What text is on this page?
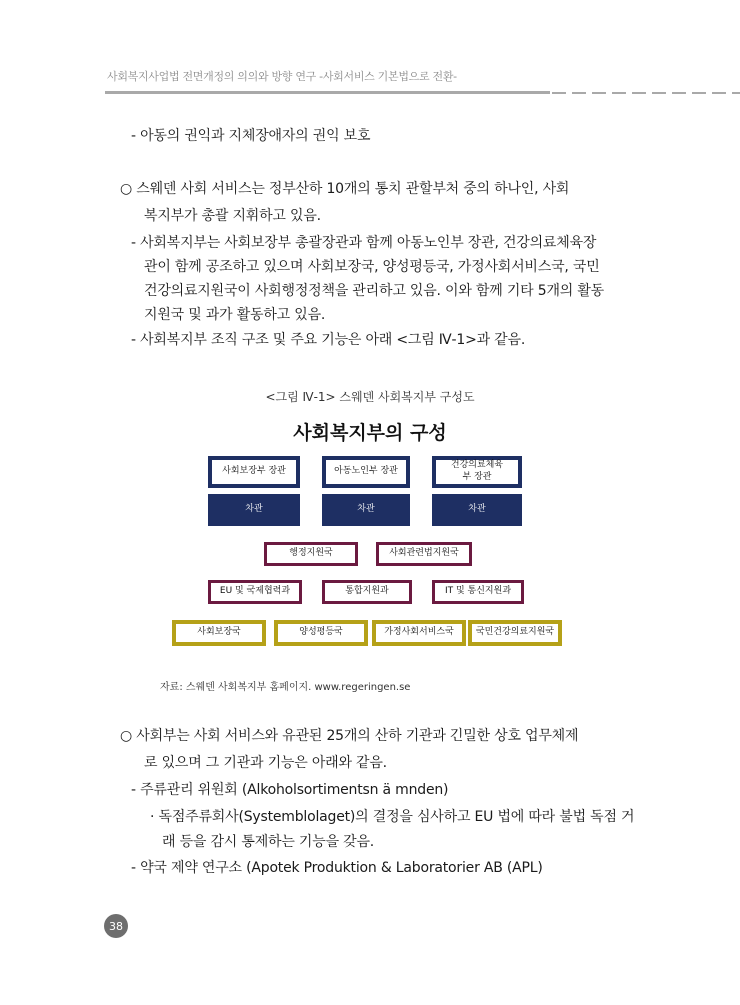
사회복지사업법 전면개정의 의의와 방향 연구 -사회서비스 기본법으로 전환-
- 아동의 권익과 지체장애자의 권익 보호
○ 스웨덴 사회 서비스는 정부산하 10개의 통치 관할부처 중의 하나인, 사회
복지부가 총괄 지휘하고 있음.
- 사회복지부는 사회보장부 총괄장관과 함께 아동노인부 장관, 건강의료체육장
관이 함께 공조하고 있으며 사회보장국, 양성평등국, 가정사회서비스국, 국민
건강의료지원국이 사회행정정책을 관리하고 있음. 이와 함께 기타 5개의 활동
지원국 및 과가 활동하고 있음.
- 사회복지부 조직 구조 및 주요 기능은 아래 <그림 Ⅳ-1>과 같음.
<그림 Ⅳ-1> 스웨덴 사회복지부 구성도
사회복지부의 구성
사회보장부 장관	아동노인부 장관
건강의료체육부 장관
차관	차관	차관
행정지원국	사회관련법지원국
EU 및 국제협력과	통합지원과	IT 및 통신지원과
사회보장국	양성평등국	가정사회서비스국	국민건강의료지원국
자료: 스웨덴 사회복지부 홈페이지. www.regeringen.se
○ 사회부는 사회 서비스와 유관된 25개의 산하 기관과 긴밀한 상호 업무체제
로 있으며 그 기관과 기능은 아래와 같음.
- 주류관리 위원회 (Alkoholsortimentsn ä mnden)
· 독점주류회사(Systemblolaget)의 결정을 심사하고 EU 법에 따라 불법 독점 거
래 등을 감시 통제하는 기능을 갖음.
- 약국 제약 연구소 (Apotek Produktion & Laboratorier AB (APL)
38
